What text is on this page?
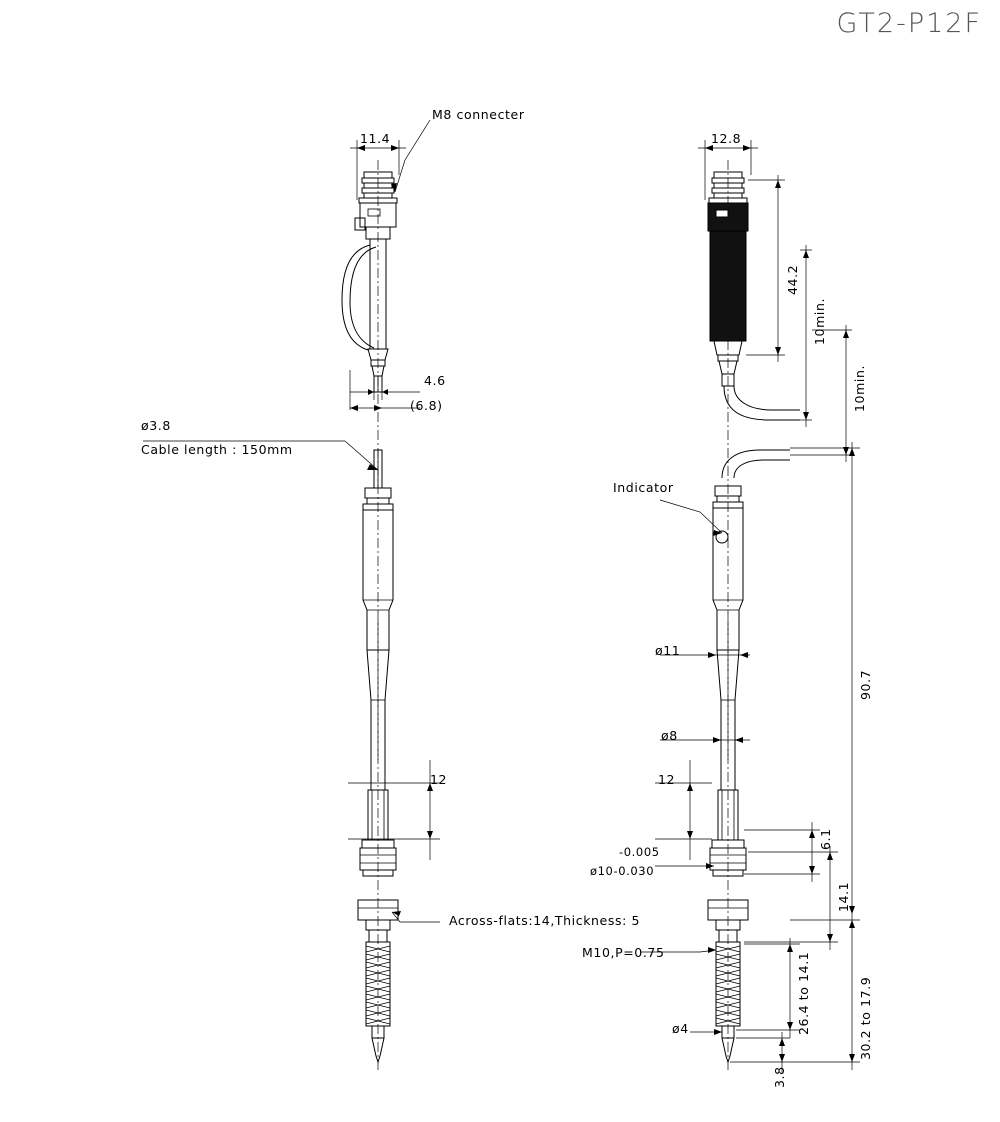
GT2-P12F
M8 connecter
11.4
4.6
(6.8)
ø3.8
Cable length : 150mm
12
Across-flats:14,Thickness: 5
12.8
44.2
10min.
10min.
Indicator
ø11
ø8
12
-0.005
ø10-0.030
M10,P=0.75
6.1
14.1
26.4 to 14.1	30.2 to 17.9
90.7
ø4
3.8
